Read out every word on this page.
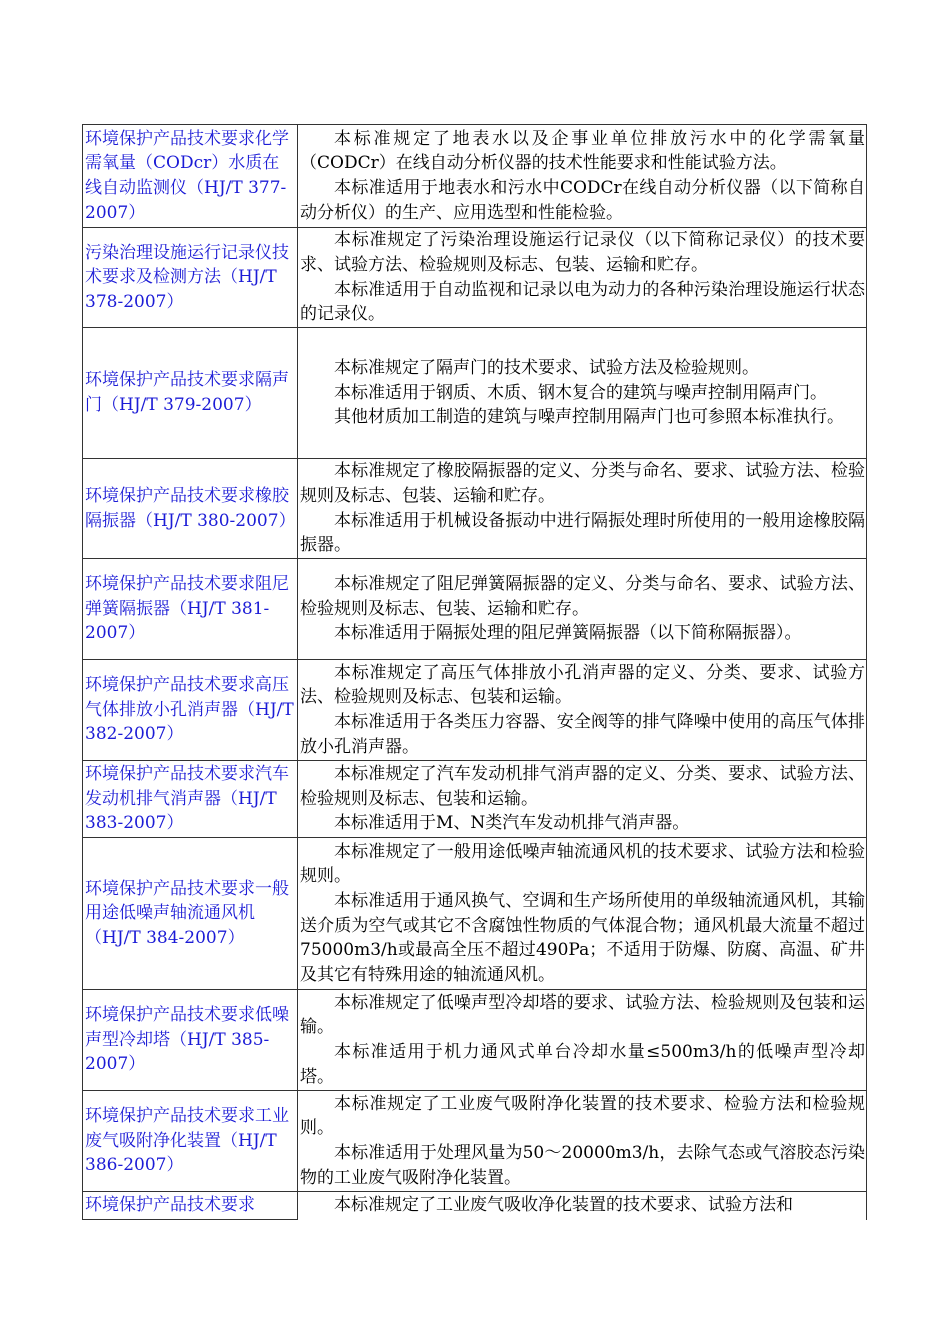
环境保护产品技术要求化学需氧量（CODcr）水质在线自动监测仪（HJ/T 377-2007）	本标准规定了地表水以及企事业单位排放污水中的化学需氧量（CODCr）在线自动分析仪器的技术性能要求和性能试验方法。

本标准适用于地表水和污水中CODCr在线自动分析仪器（以下简称自动分析仪）的生产、应用选型和性能检验。

污染治理设施运行记录仪技术要求及检测方法（HJ/T 378-2007）	本标准规定了污染治理设施运行记录仪（以下简称记录仪）的技术要求、试验方法、检验规则及标志、包装、运输和贮存。

本标准适用于自动监视和记录以电为动力的各种污染治理设施运行状态的记录仪。

环境保护产品技术要求隔声门（HJ/T 379-2007）	本标准规定了隔声门的技术要求、试验方法及检验规则。

本标准适用于钢质、木质、钢木复合的建筑与噪声控制用隔声门。

其他材质加工制造的建筑与噪声控制用隔声门也可参照本标准执行。

环境保护产品技术要求橡胶隔振器（HJ/T 380-2007）	本标准规定了橡胶隔振器的定义、分类与命名、要求、试验方法、检验规则及标志、包装、运输和贮存。

本标准适用于机械设备振动中进行隔振处理时所使用的一般用途橡胶隔振器。

环境保护产品技术要求阻尼弹簧隔振器（HJ/T 381-2007）	本标准规定了阻尼弹簧隔振器的定义、分类与命名、要求、试验方法、检验规则及标志、包装、运输和贮存。

本标准适用于隔振处理的阻尼弹簧隔振器（以下简称隔振器）。

环境保护产品技术要求高压气体排放小孔消声器（HJ/T 382-2007）	本标准规定了高压气体排放小孔消声器的定义、分类、要求、试验方法、检验规则及标志、包装和运输。

本标准适用于各类压力容器、安全阀等的排气降噪中使用的高压气体排放小孔消声器。

环境保护产品技术要求汽车发动机排气消声器（HJ/T 383-2007）	本标准规定了汽车发动机排气消声器的定义、分类、要求、试验方法、检验规则及标志、包装和运输。

本标准适用于M、N类汽车发动机排气消声器。

环境保护产品技术要求一般用途低噪声轴流通风机（HJ/T 384-2007）	本标准规定了一般用途低噪声轴流通风机的技术要求、试验方法和检验规则。

本标准适用于通风换气、空调和生产场所使用的单级轴流通风机，其输送介质为空气或其它不含腐蚀性物质的气体混合物；通风机最大流量不超过75000m3/h或最高全压不超过490Pa；不适用于防爆、防腐、高温、矿井及其它有特殊用途的轴流通风机。

环境保护产品技术要求低噪声型冷却塔（HJ/T 385-2007）	本标准规定了低噪声型冷却塔的要求、试验方法、检验规则及包装和运输。

本标准适用于机力通风式单台冷却水量≤500m3/h的低噪声型冷却塔。

环境保护产品技术要求工业废气吸附净化装置（HJ/T 386-2007）	本标准规定了工业废气吸附净化装置的技术要求、检验方法和检验规则。

本标准适用于处理风量为50～20000m3/h，去除气态或气溶胶态污染物的工业废气吸附净化装置。

环境保护产品技术要求	本标准规定了工业废气吸收净化装置的技术要求、试验方法和
